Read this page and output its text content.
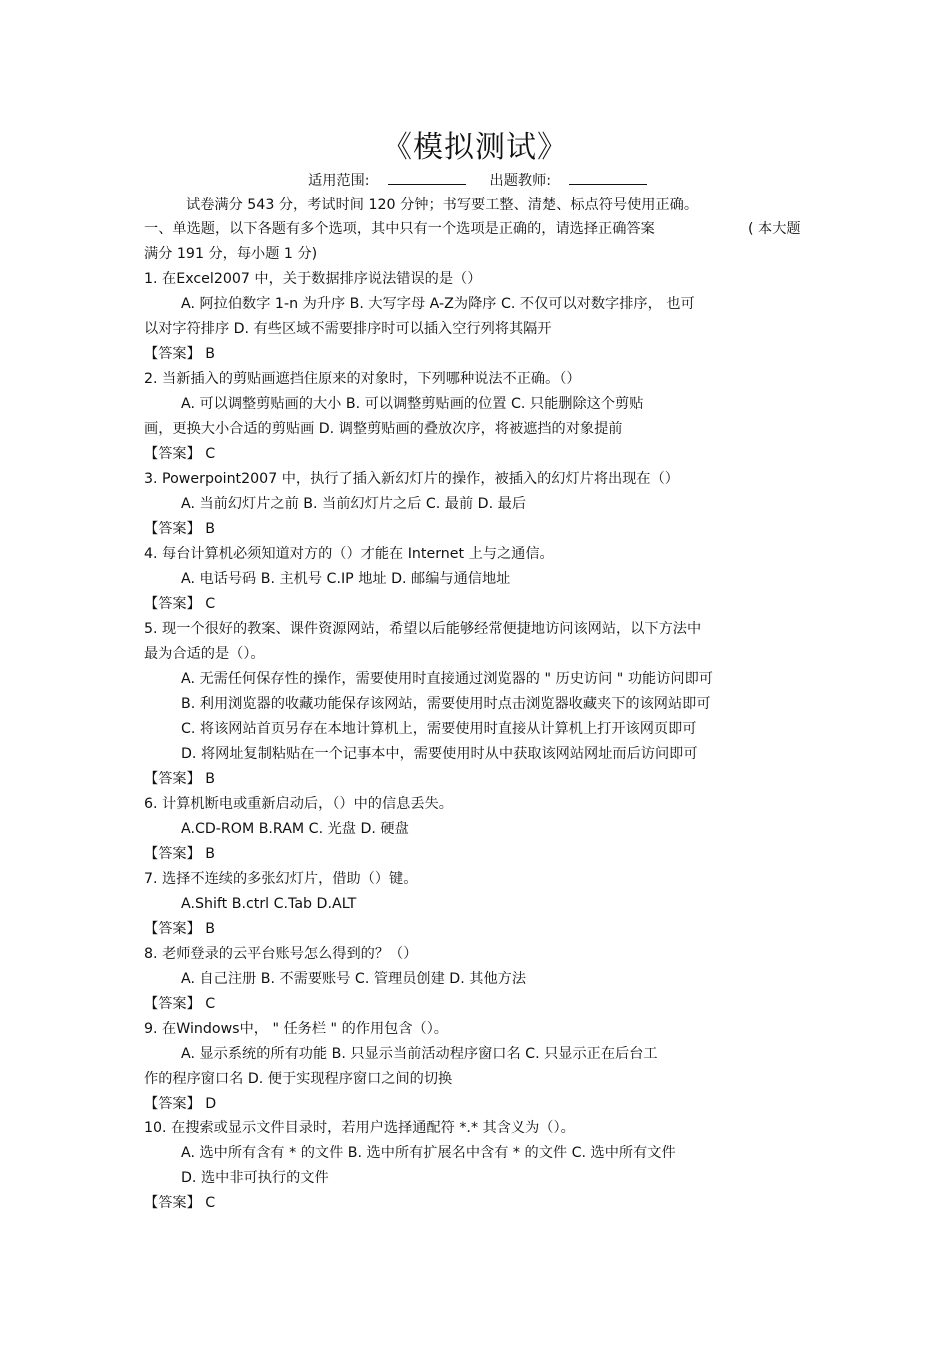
《模拟测试》
适用范围:	出题教师:
试卷满分 543 分，考试时间 120 分钟；书写要工整、清楚、标点符号使用正确。
一、单选题，以下各题有多个选项，其中只有一个选项是正确的，请选择正确答案	( 本大题
满分 191 分，每小题 1 分)
1. 在Excel2007 中，关于数据排序说法错误的是（）
A. 阿拉伯数字 1-n 为升序 B. 大写字母 A-Z为降序 C. 不仅可以对数字排序， 也可
以对字符排序 D. 有些区域不需要排序时可以插入空行列将其隔开
【答案】 B
2. 当新插入的剪贴画遮挡住原来的对象时，下列哪种说法不正确。（）
A. 可以调整剪贴画的大小 B. 可以调整剪贴画的位置 C. 只能删除这个剪贴
画，更换大小合适的剪贴画 D. 调整剪贴画的叠放次序，将被遮挡的对象提前
【答案】 C
3. Powerpoint2007 中，执行了插入新幻灯片的操作，被插入的幻灯片将出现在（）
A. 当前幻灯片之前 B. 当前幻灯片之后 C. 最前 D. 最后
【答案】 B
4. 每台计算机必须知道对方的（）才能在 Internet 上与之通信。
A. 电话号码 B. 主机号 C.IP 地址 D. 邮编与通信地址
【答案】 C
5. 现一个很好的教案、课件资源网站，希望以后能够经常便捷地访问该网站，以下方法中
最为合适的是（）。
A. 无需任何保存性的操作，需要使用时直接通过浏览器的 " 历史访问 " 功能访问即可
B. 利用浏览器的收藏功能保存该网站，需要使用时点击浏览器收藏夹下的该网站即可
C. 将该网站首页另存在本地计算机上，需要使用时直接从计算机上打开该网页即可
D. 将网址复制粘贴在一个记事本中，需要使用时从中获取该网站网址而后访问即可
【答案】 B
6. 计算机断电或重新启动后，（）中的信息丢失。
A.CD-ROM B.RAM C. 光盘 D. 硬盘
【答案】 B
7. 选择不连续的多张幻灯片，借助（）键。
A.Shift B.ctrl C.Tab D.ALT
【答案】 B
8. 老师登录的云平台账号怎么得到的？（）
A. 自己注册 B. 不需要账号 C. 管理员创建 D. 其他方法
【答案】 C
9. 在Windows中， " 任务栏 " 的作用包含（）。
A. 显示系统的所有功能 B. 只显示当前活动程序窗口名 C. 只显示正在后台工
作的程序窗口名 D. 便于实现程序窗口之间的切换
【答案】 D
10. 在搜索或显示文件目录时，若用户选择通配符 *.* 其含义为（）。
A. 选中所有含有 * 的文件 B. 选中所有扩展名中含有 * 的文件 C. 选中所有文件
D. 选中非可执行的文件
【答案】 C
